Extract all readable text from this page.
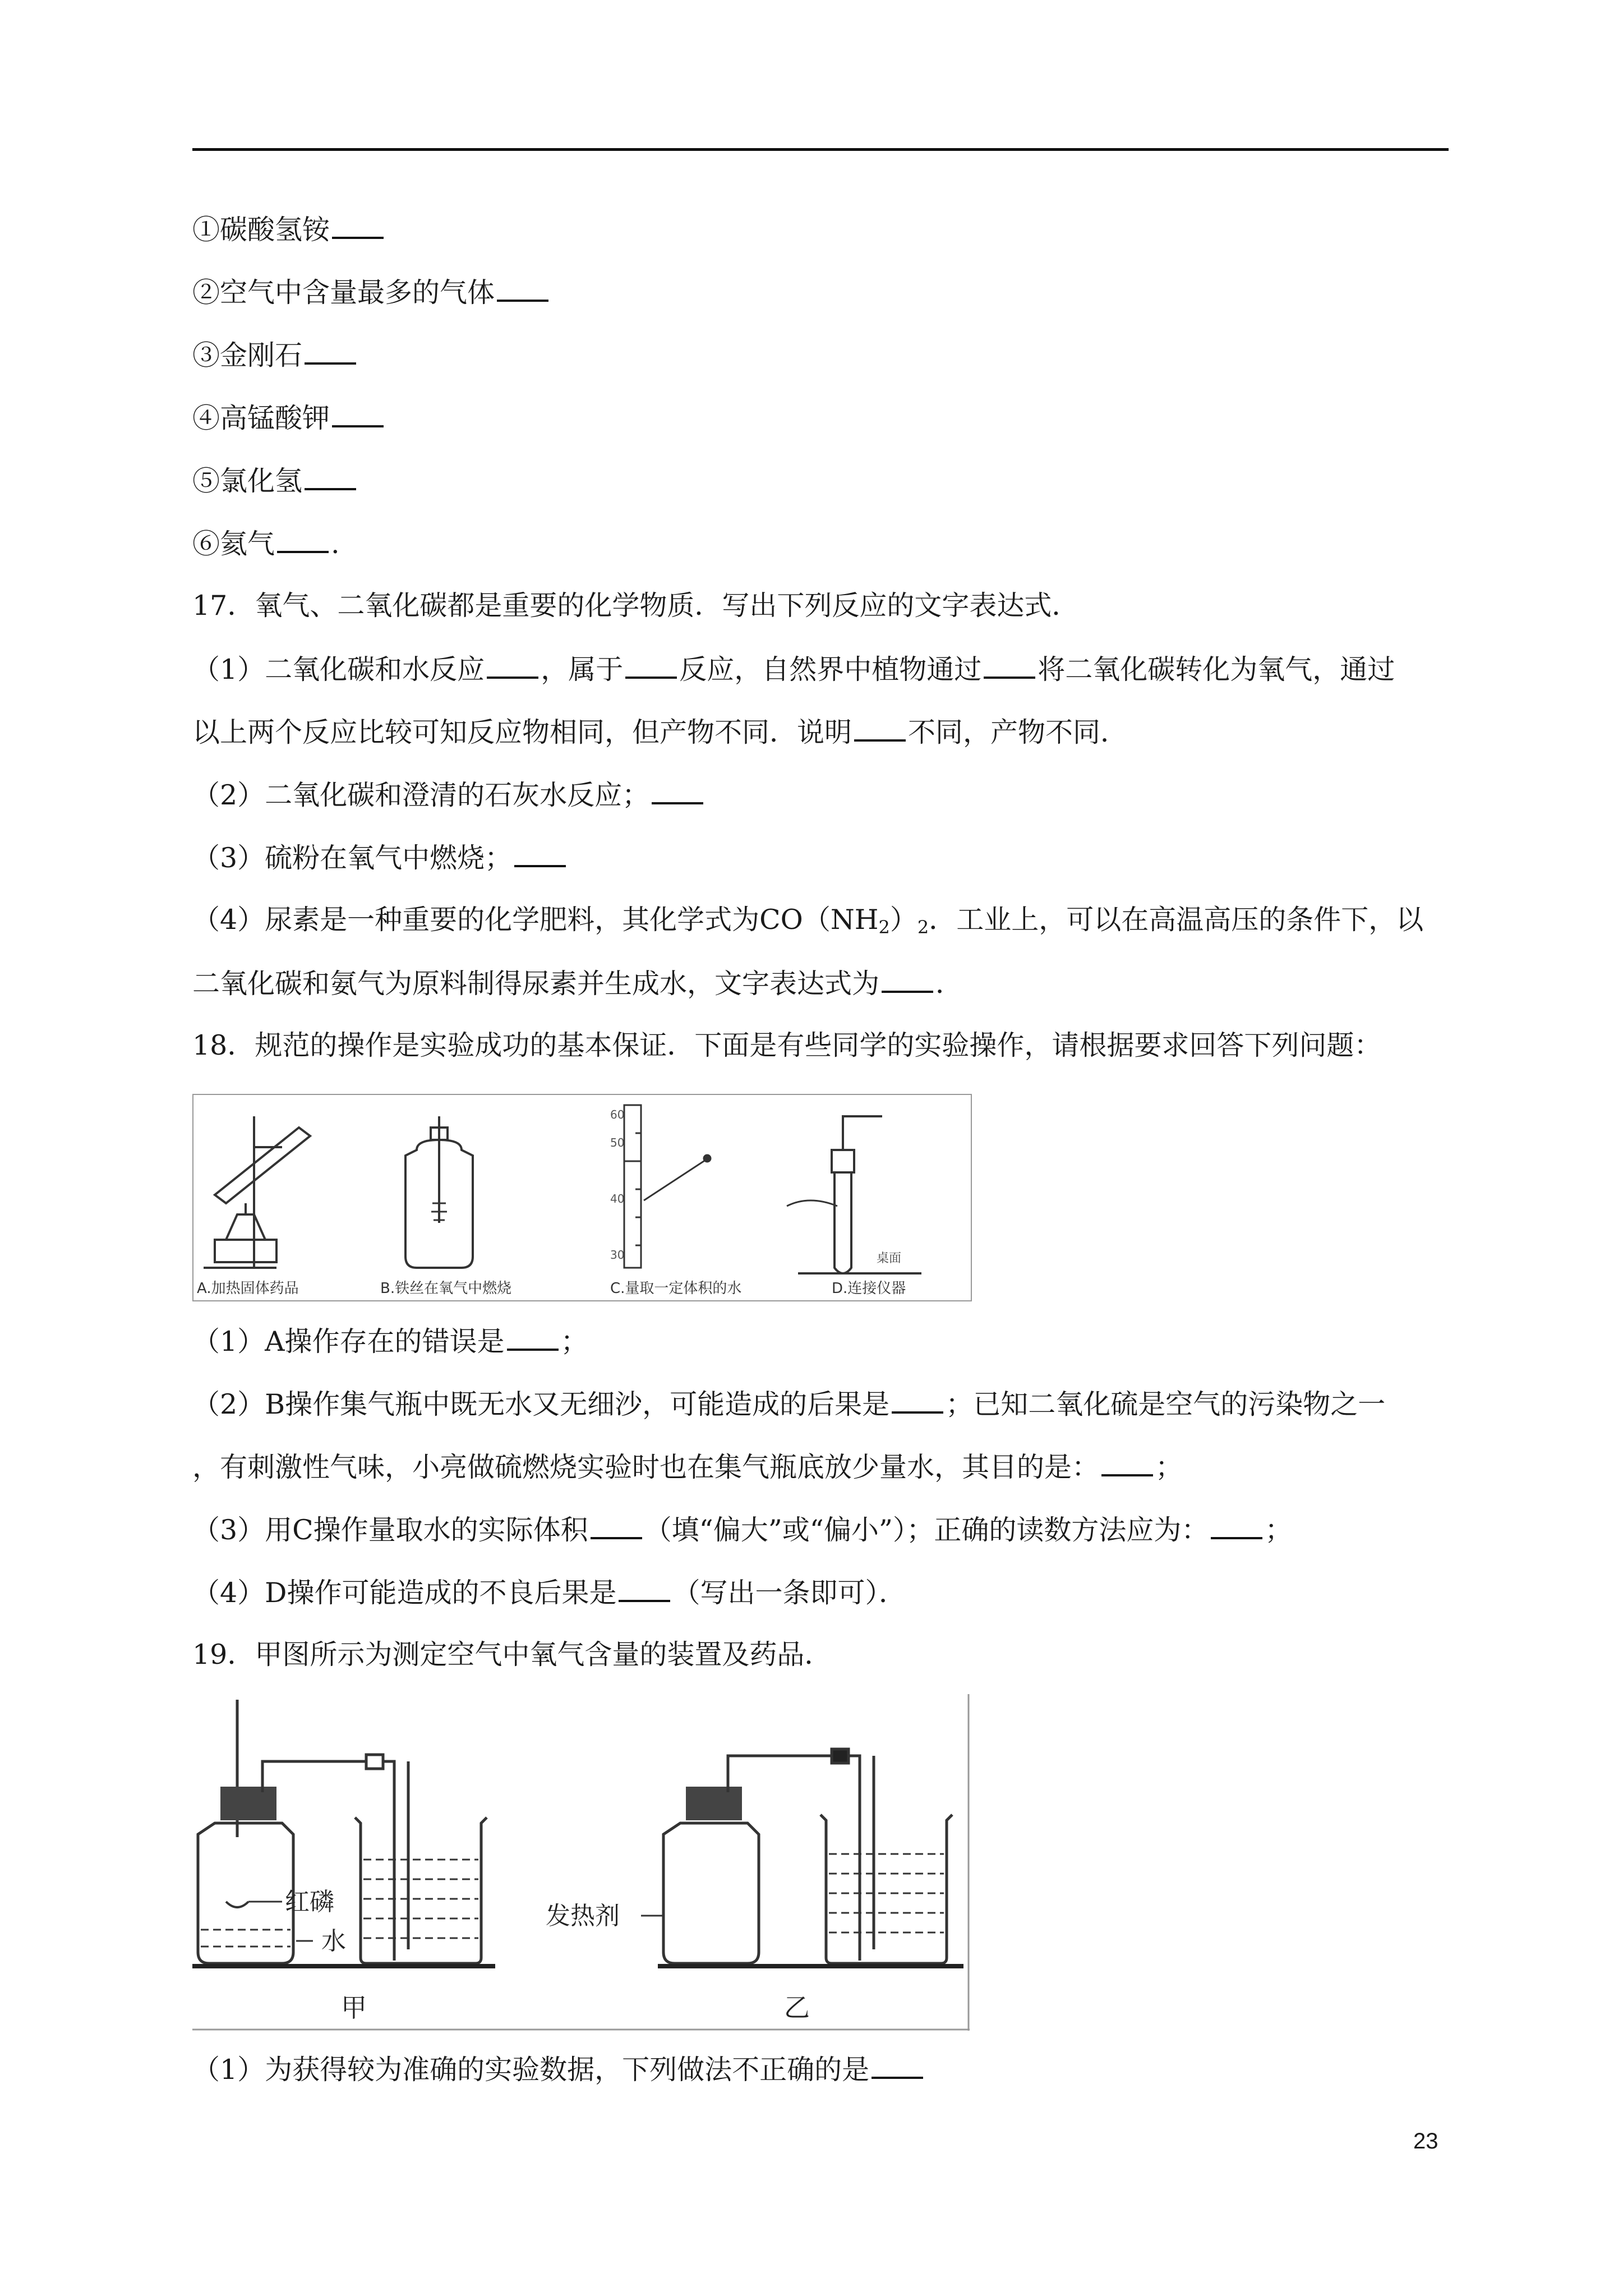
①碳酸氢铵
②空气中含量最多的气体
③金刚石
④高锰酸钾
⑤氯化氢
⑥氦气 .
17．氧气、二氧化碳都是重要的化学物质．写出下列反应的文字表达式．
（1）二氧化碳和水反应 ，属于 反应，自然界中植物通过 将二氧化碳转化为氧气，通过
以上两个反应比较可知反应物相同，但产物不同．说明 不同，产物不同．
（2）二氧化碳和澄清的石灰水反应；
（3）硫粉在氧气中燃烧；
（4）尿素是一种重要的化学肥料，其化学式为CO（NH2）2．工业上，可以在高温高压的条件下，以
二氧化碳和氨气为原料制得尿素并生成水，文字表达式为 ．
18．规范的操作是实验成功的基本保证．下面是有些同学的实验操作，请根据要求回答下列问题：
60
50
40
30	桌面
A.加热固体药品	B.铁丝在氧气中燃烧	C.量取一定体积的水	D.连接仪器
（1）A操作存在的错误是 ；
（2）B操作集气瓶中既无水又无细沙，可能造成的后果是 ；已知二氧化硫是空气的污染物之一
，有刺激性气味，小亮做硫燃烧实验时也在集气瓶底放少量水，其目的是： ；
（3）用C操作量取水的实际体积 （填“偏大”或“偏小”）；正确的读数方法应为： ；
（4）D操作可能造成的不良后果是 （写出一条即可）．
19．甲图所示为测定空气中氧气含量的装置及药品．
红磷
水
甲
发热剂
乙
（1）为获得较为准确的实验数据，下列做法不正确的是
23
